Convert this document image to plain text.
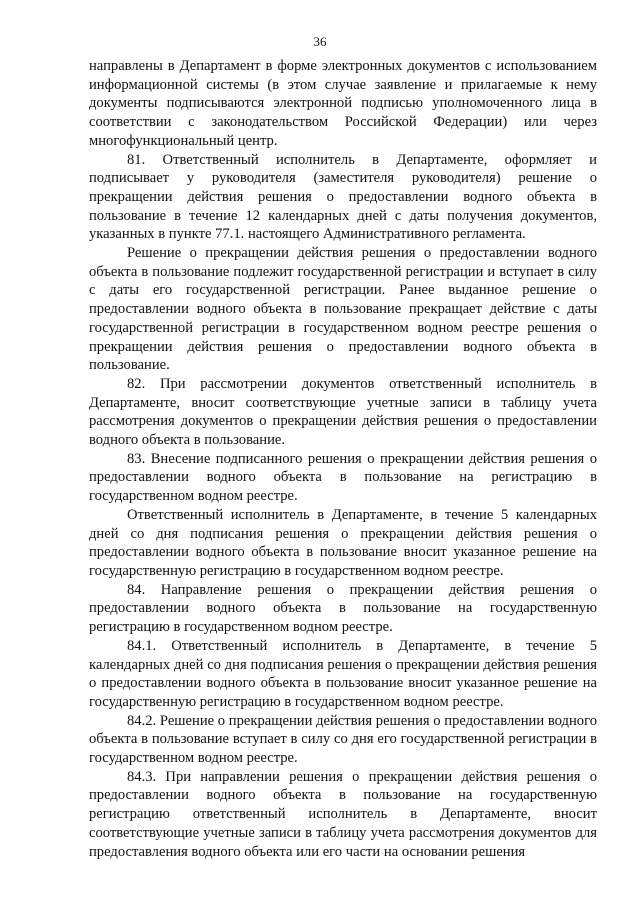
36

направлены в Департамент в форме электронных документов с использованием информационной системы (в этом случае заявление и прилагаемые к нему документы подписываются электронной подписью уполномоченного лица в соответствии с законодательством Российской Федерации) или через многофункциональный центр.

81. Ответственный исполнитель в Департаменте, оформляет и подписывает у руководителя (заместителя руководителя) решение о прекращении действия решения о предоставлении водного объекта в пользование в течение 12 календарных дней с даты получения документов, указанных в пункте 77.1. настоящего Административного регламента.

Решение о прекращении действия решения о предоставлении водного объекта в пользование подлежит государственной регистрации и вступает в силу с даты его государственной регистрации. Ранее выданное решение о предоставлении водного объекта в пользование прекращает действие с даты государственной регистрации в государственном водном реестре решения о прекращении действия решения о предоставлении водного объекта в пользование.

82. При рассмотрении документов ответственный исполнитель в Департаменте, вносит соответствующие учетные записи в таблицу учета рассмотрения документов о прекращении действия решения о предоставлении водного объекта в пользование.

83. Внесение подписанного решения о прекращении действия решения о предоставлении водного объекта в пользование на регистрацию в государственном водном реестре.

Ответственный исполнитель в Департаменте, в течение 5 календарных дней со дня подписания решения о прекращении действия решения о предоставлении водного объекта в пользование вносит указанное решение на государственную регистрацию в государственном водном реестре.

84. Направление решения о прекращении действия решения о предоставлении водного объекта в пользование на государственную регистрацию в государственном водном реестре.

84.1. Ответственный исполнитель в Департаменте, в течение 5 календарных дней со дня подписания решения о прекращении действия решения о предоставлении водного объекта в пользование вносит указанное решение на государственную регистрацию в государственном водном реестре.

84.2. Решение о прекращении действия решения о предоставлении водного объекта в пользование вступает в силу со дня его государственной регистрации в государственном водном реестре.

84.3. При направлении решения о прекращении действия решения о предоставлении водного объекта в пользование на государственную регистрацию ответственный исполнитель в Департаменте, вносит соответствующие учетные записи в таблицу учета рассмотрения документов для предоставления водного объекта или его части на основании решения
